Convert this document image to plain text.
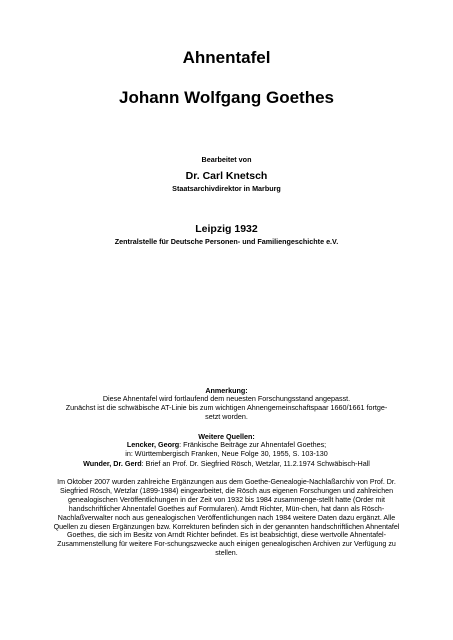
Ahnentafel
Johann Wolfgang Goethes

Bearbeitet von

Dr. Carl Knetsch

Staatsarchivdirektor in Marburg

Leipzig 1932

Zentralstelle für Deutsche Personen- und Familiengeschichte e.V.

Anmerkung:

Diese Ahnentafel wird fortlaufend dem neuesten Forschungsstand angepasst.

Zunächst ist die schwäbische AT-Linie bis zum wichtigen Ahnengemeinschaftspaar 1660/1661 fortge-

setzt worden.

Weitere Quellen:

Lencker, Georg: Fränkische Beiträge zur Ahnentafel Goethes;

in: Württembergisch Franken, Neue Folge 30, 1955, S. 103-130

Wunder, Dr. Gerd: Brief an Prof. Dr. Siegfried Rösch, Wetzlar, 11.2.1974 Schwäbisch-Hall

Im Oktober 2007 wurden zahlreiche Ergänzungen aus dem Goethe-Genealogie-Nachlaßarchiv von Prof. Dr. Siegfried Rösch, Wetzlar (1899-1984) eingearbeitet, die Rösch aus eigenen Forschungen und zahlreichen genealogischen Veröffentlichungen in der Zeit von 1932 bis 1984 zusammenge-stellt hatte (Order mit handschriftlicher Ahnentafel Goethes auf Formularen). Arndt Richter, Mün-chen, hat dann als Rösch-Nachlaßverwalter noch aus genealogischen Veröffentlichungen nach 1984 weitere Daten dazu ergänzt. Alle Quellen zu diesen Ergänzungen bzw. Korrekturen befinden sich in der genannten handschriftlichen Ahnentafel Goethes, die sich im Besitz von Arndt Richter befindet. Es ist beabsichtigt, diese wertvolle Ahnentafel-Zusammenstellung für weitere For-schungszwecke auch einigen genealogischen Archiven zur Verfügung zu stellen.
